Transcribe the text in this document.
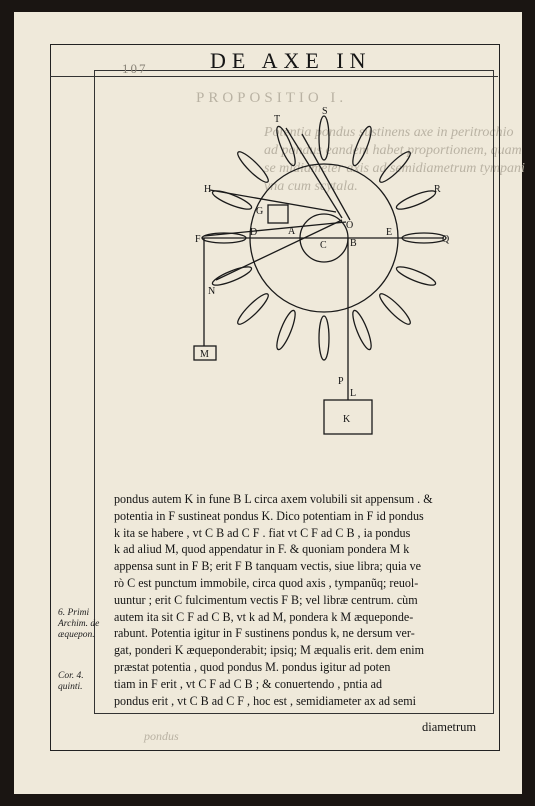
PROPOSITIO I.
Potentia pondus sustinens axe in peritrochio
ad pondus eandem habet proportionem, quam
se midiameter axis ad semidiametrum tympani
vna cum scytala.
pondus
107	DE AXE IN
S
T
H
G
R
A
O
D	E
F
C B	Q
N
M
P
L
K
pondus autem K in fune B L circa axem volubili sit appensum . &
potentia in F sustineat pondus K. Dico potentiam in F id pondus
k ita se habere , vt C B ad C F . fiat vt C F ad C B , ia pondus
k ad aliud M, quod appendatur in F. & quoniam pondera M k
appensa sunt in F B; erit F B tanquam vectis, siue libra; quia ve
rò C est punctum immobile, circa quod axis , tympanũq; reuol-
uuntur ; erit C fulcimentum vectis F B; vel libræ centrum. cùm
autem ita sit C F ad C B, vt k ad M, pondera k M æqueponde-
rabunt. Potentia igitur in F sustinens pondus k, ne dersum ver-
gat, ponderi K æqueponderabit; ipsiq; M æqualis erit. dem enim
præstat potentia , quod pondus M. pondus igitur ad poten
tiam in F erit , vt C F ad C B ; & conuertendo , pntia ad
pondus erit , vt C B ad C F , hoc est , semidiameter ax ad semi
6. Primi
Archim. de
æquepon.
Cor. 4.
quinti.
diametrum
